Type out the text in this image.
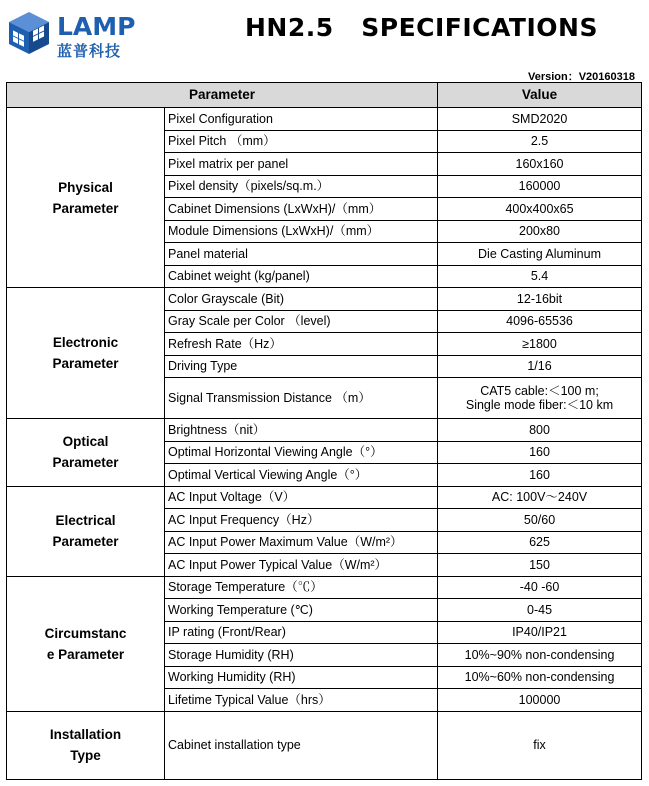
LAMP
蓝普科技
HN2.5   SPECIFICATIONS
Version：V20160318
Parameter		Value
Physical
Parameter	Pixel Configuration	SMD2020
	Pixel Pitch （mm）	2.5
	Pixel matrix per panel	160x160
	Pixel density（pixels/sq.m.）	160000
	Cabinet Dimensions (LxWxH)/（mm）	400x400x65
	Module Dimensions (LxWxH)/（mm）	200x80
	Panel material	Die Casting Aluminum
	Cabinet weight (kg/panel)	5.4
Electronic
Parameter	Color Grayscale (Bit)	12-16bit
	Gray Scale per Color （level)	4096-65536
	Refresh Rate（Hz）	≥1800
	Driving Type	1/16
	Signal Transmission Distance （m）	CAT5 cable:＜100 m;
Single mode fiber:＜10 km
Optical
Parameter	Brightness（nit）	800
	Optimal Horizontal Viewing Angle（°）	160
	Optimal Vertical Viewing Angle（°）	160
Electrical
Parameter	AC Input Voltage（V）	AC: 100V～240V
	AC Input Frequency（Hz）	50/60
	AC Input Power Maximum Value（W/m²）	625
	AC Input Power Typical Value（W/m²）	150
Circumstanc
e Parameter	Storage Temperature（℃）	-40 -60
	Working Temperature (℃)	0-45
	IP rating (Front/Rear)	IP40/IP21
	Storage Humidity (RH)	10%~90% non-condensing
	Working Humidity (RH)	10%~60% non-condensing
	Lifetime Typical Value（hrs）	100000
Installation
Type	Cabinet installation type	fix
